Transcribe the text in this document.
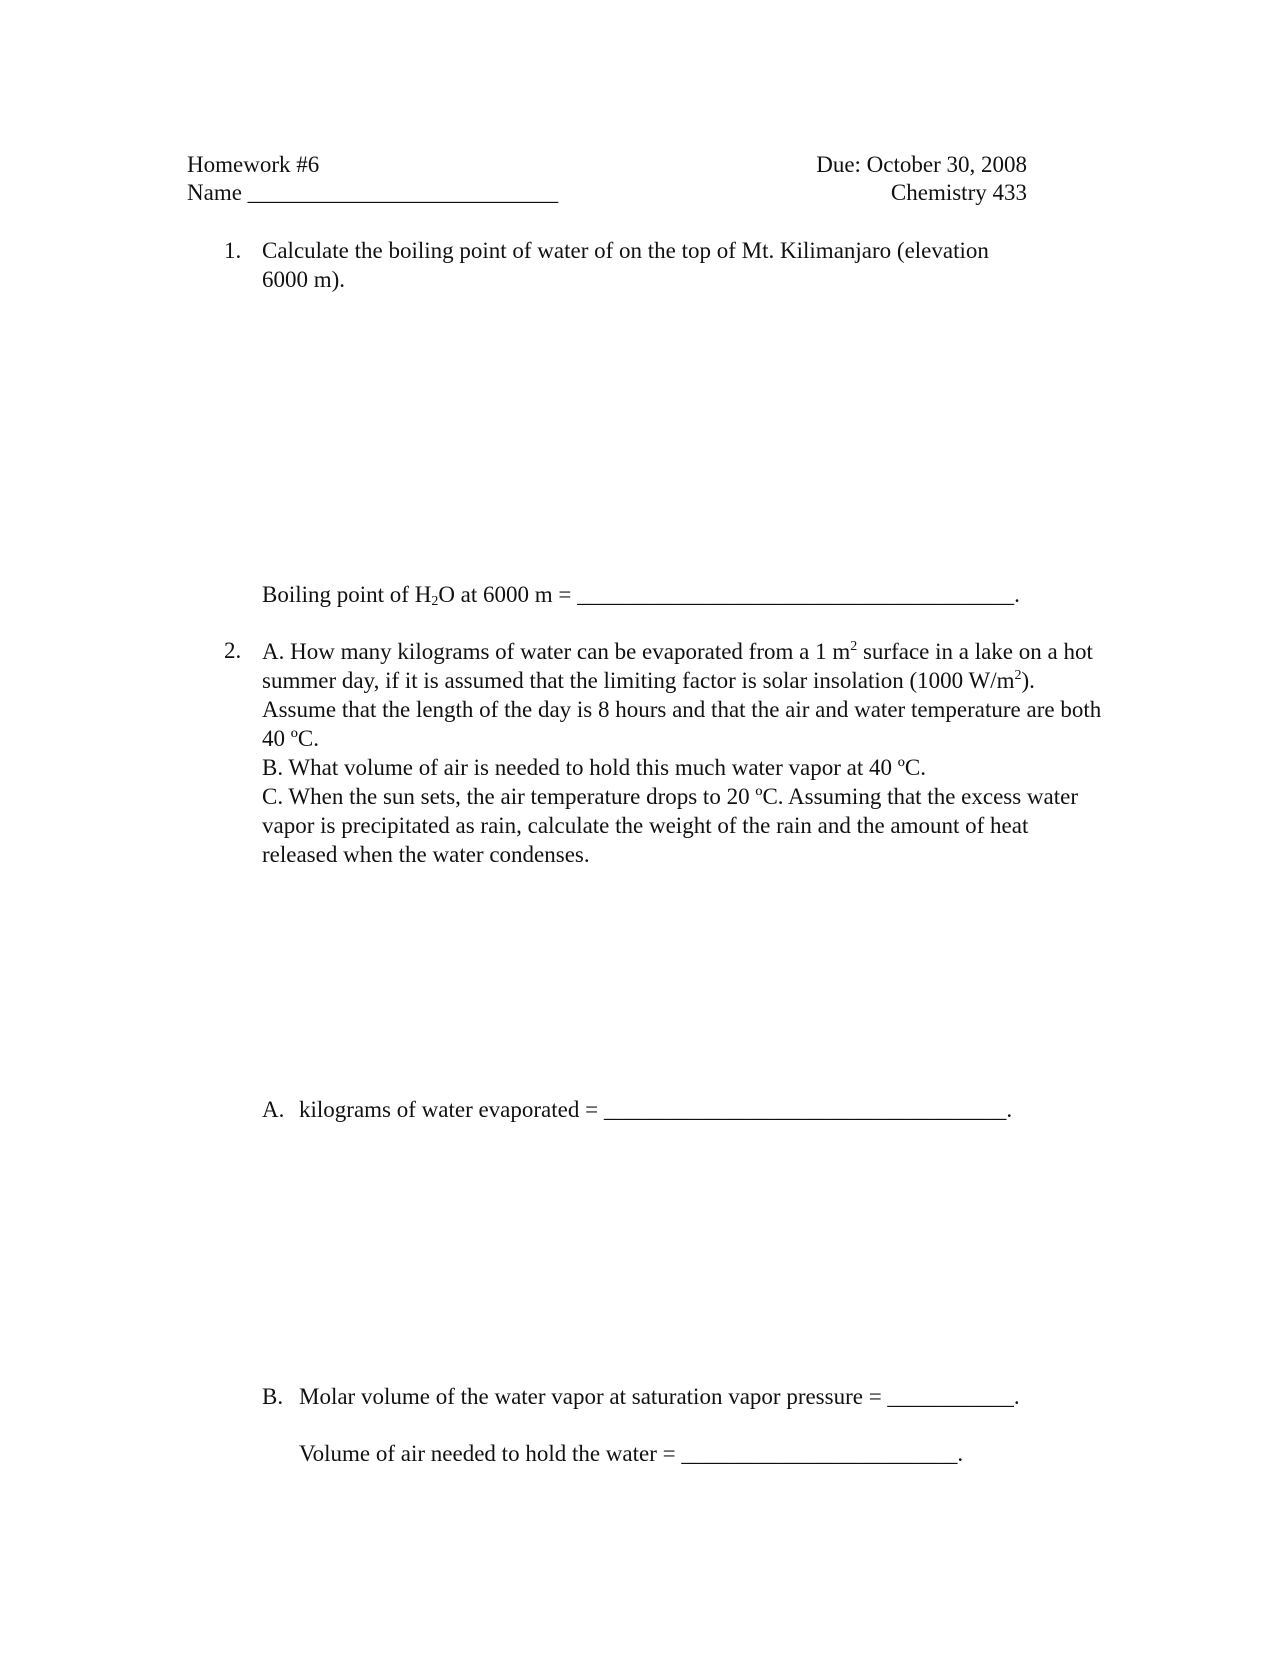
Homework #6
Name ___________________________
Due: October 30, 2008
Chemistry 433
1. Calculate the boiling point of water of on the top of Mt. Kilimanjaro (elevation
6000 m).
Boiling point of $H_2O$ at 6000 m = ______________________________________.
2. A. How many kilograms of water can be evaporated from a 1 $m^2$ surface in a lake on a hot summer day, if it is assumed that the limiting factor is solar insolation (1000 $W/m^2$). Assume that the length of the day is 8 hours and that the air and water temperature are both 40 ºC.
B. What volume of air is needed to hold this much water vapor at 40 ºC.
C. When the sun sets, the air temperature drops to 20 ºC. Assuming that the excess water vapor is precipitated as rain, calculate the weight of the rain and the amount of heat released when the water condenses.
A. kilograms of water evaporated = ___________________________________.
B. Molar volume of the water vapor at saturation vapor pressure = ___________.
Volume of air needed to hold the water = ________________________.
